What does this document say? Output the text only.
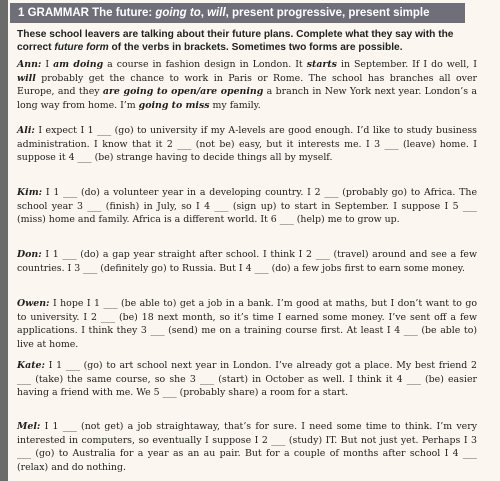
1 GRAMMAR The future: going to, will, present progressive, present simple
These school leavers are talking about their future plans. Complete what they say with the correct future form of the verbs in brackets. Sometimes two forms are possible.
Ann: I am doing a course in fashion design in London. It starts in September. If I do well, I will probably get the chance to work in Paris or Rome. The school has branches all over Europe, and they are going to open/are opening a branch in New York next year. London’s a long way from home. I’m going to miss my family.
Ali: I expect I 1 ___ (go) to university if my A-levels are good enough. I’d like to study business administration. I know that it 2 ___ (not be) easy, but it interests me. I 3 ___ (leave) home. I suppose it 4 ___ (be) strange having to decide things all by myself.
Kim: I 1 ___ (do) a volunteer year in a developing country. I 2 ___ (probably go) to Africa. The school year 3 ___ (finish) in July, so I 4 ___ (sign up) to start in September. I suppose I 5 ___ (miss) home and family. Africa is a different world. It 6 ___ (help) me to grow up.
Don: I 1 ___ (do) a gap year straight after school. I think I 2 ___ (travel) around and see a few countries. I 3 ___ (definitely go) to Russia. But I 4 ___ (do) a few jobs first to earn some money.
Owen: I hope I 1 ___ (be able to) get a job in a bank. I’m good at maths, but I don’t want to go to university. I 2 ___ (be) 18 next month, so it’s time I earned some money. I’ve sent off a few applications. I think they 3 ___ (send) me on a training course first. At least I 4 ___ (be able to) live at home.
Kate: I 1 ___ (go) to art school next year in London. I’ve already got a place. My best friend 2 ___ (take) the same course, so she 3 ___ (start) in October as well. I think it 4 ___ (be) easier having a friend with me. We 5 ___ (probably share) a room for a start.
Mel: I 1 ___ (not get) a job straightaway, that’s for sure. I need some time to think. I’m very interested in computers, so eventually I suppose I 2 ___ (study) IT. But not just yet. Perhaps I 3 ___ (go) to Australia for a year as an au pair. But for a couple of months after school I 4 ___ (relax) and do nothing.
